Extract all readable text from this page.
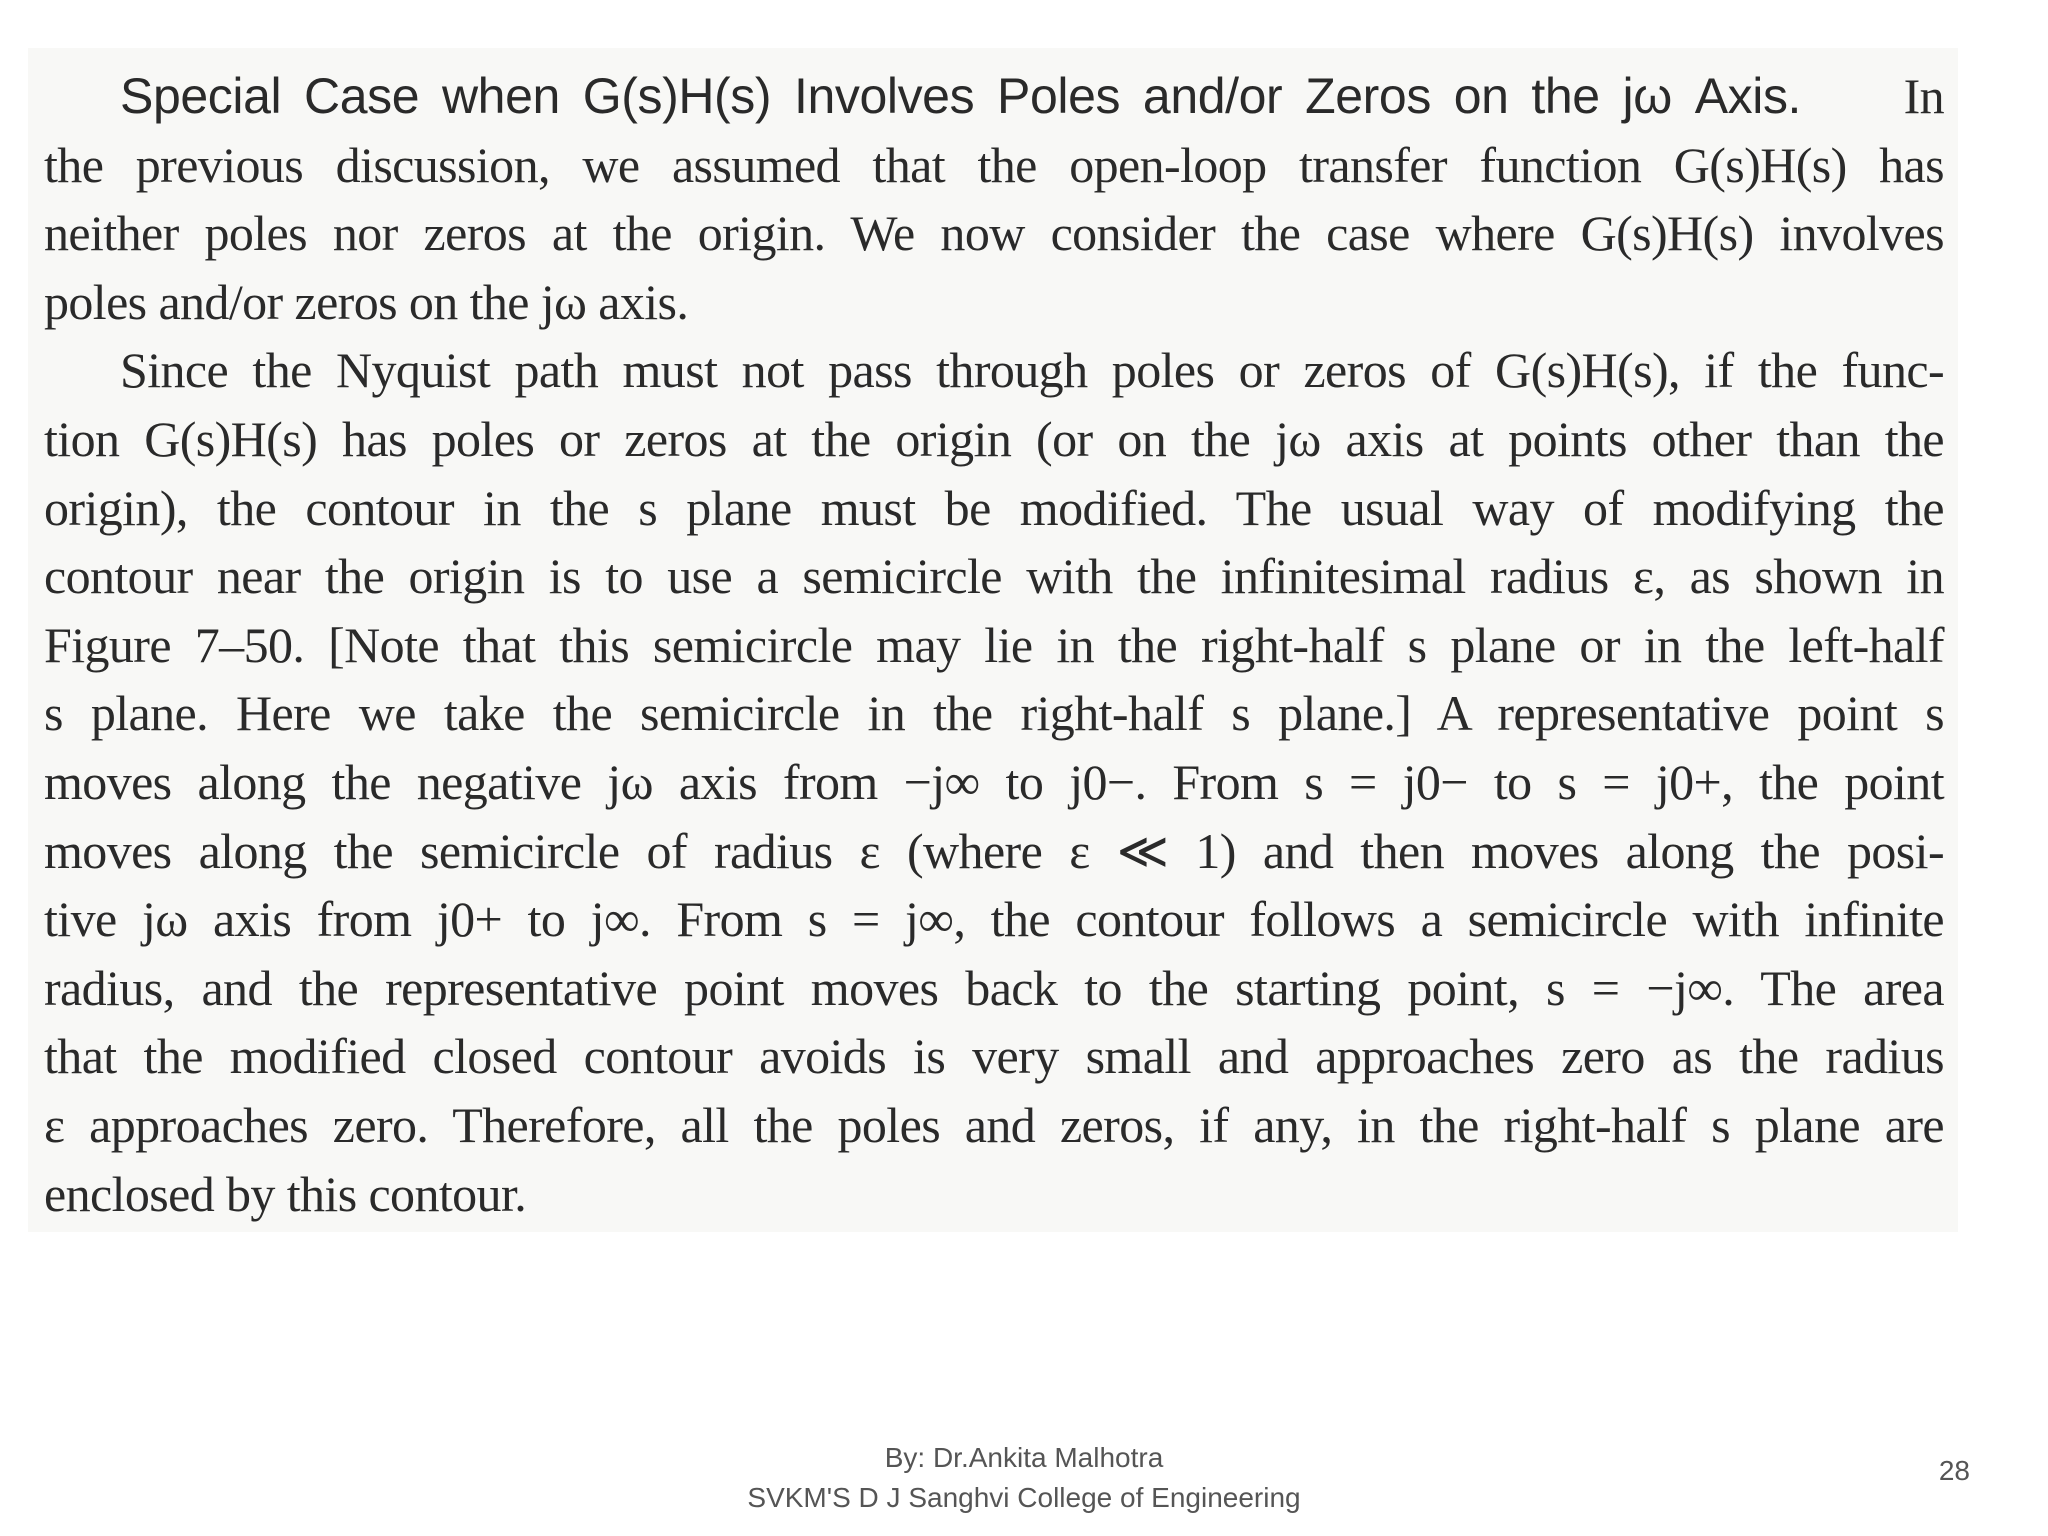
Special Case when G(s)H(s) Involves Poles and/or Zeros on the jω Axis. In
the previous discussion, we assumed that the open-loop transfer function G(s)H(s) has
neither poles nor zeros at the origin. We now consider the case where G(s)H(s) involves
poles and/or zeros on the jω axis.
Since the Nyquist path must not pass through poles or zeros of G(s)H(s), if the func-
tion G(s)H(s) has poles or zeros at the origin (or on the jω axis at points other than the
origin), the contour in the s plane must be modified. The usual way of modifying the
contour near the origin is to use a semicircle with the infinitesimal radius ε, as shown in
Figure 7–50. [Note that this semicircle may lie in the right-half s plane or in the left-half
s plane. Here we take the semicircle in the right-half s plane.] A representative point s
moves along the negative jω axis from −j∞ to j0−. From s = j0− to s = j0+, the point
moves along the semicircle of radius ε (where ε ≪ 1) and then moves along the posi-
tive jω axis from j0+ to j∞. From s = j∞, the contour follows a semicircle with infinite
radius, and the representative point moves back to the starting point, s = −j∞. The area
that the modified closed contour avoids is very small and approaches zero as the radius
ε approaches zero. Therefore, all the poles and zeros, if any, in the right-half s plane are
enclosed by this contour.
By: Dr.Ankita Malhotra
SVKM'S D J Sanghvi College of Engineering
28
